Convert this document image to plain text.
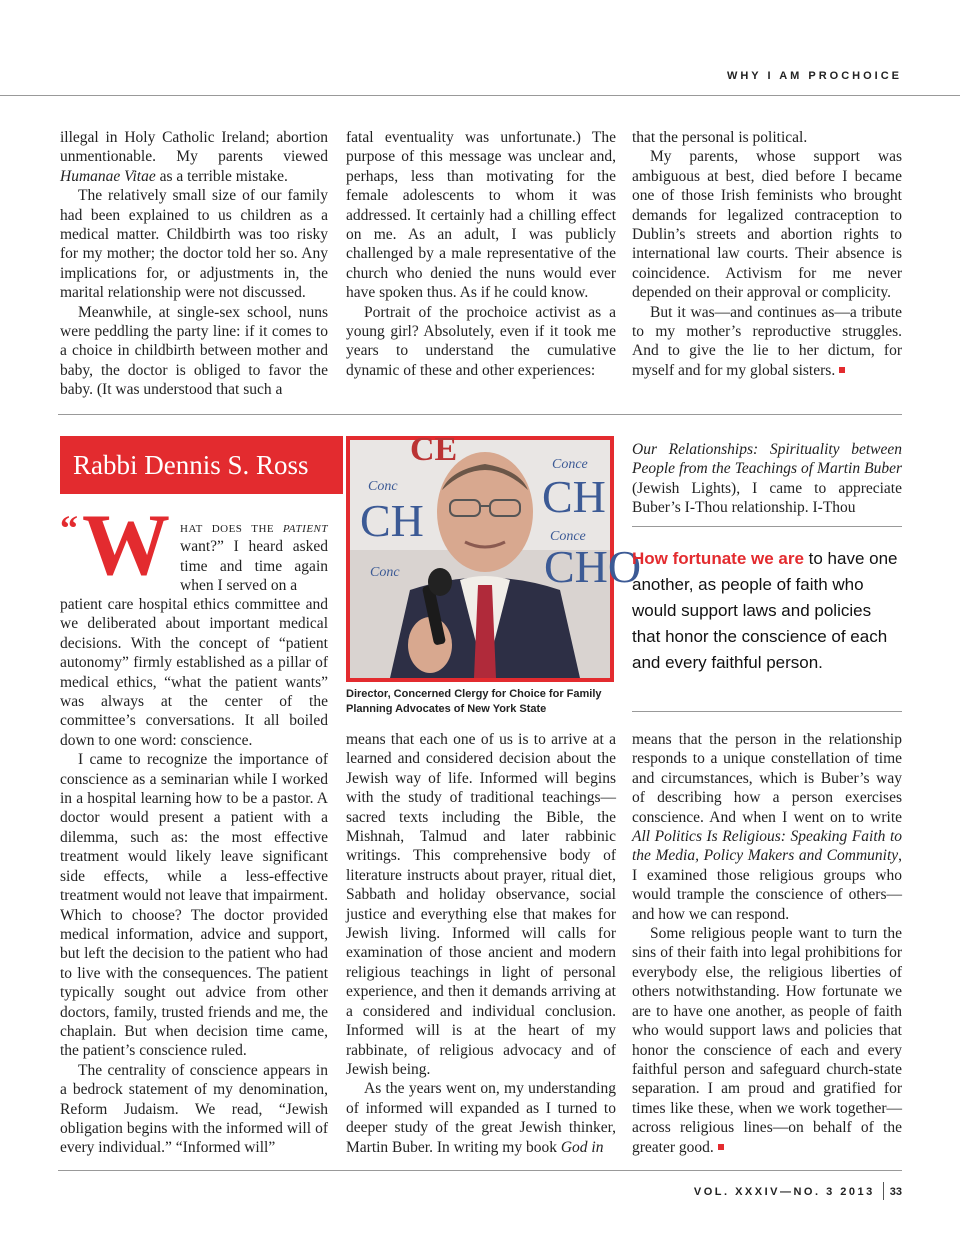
WHY I AM PROCHOICE

illegal in Holy Catholic Ireland; abortion unmentionable. My parents viewed Humanae Vitae as a terrible mistake.

The relatively small size of our family had been explained to us children as a medical matter. Childbirth was too risky for my mother; the doctor told her so. Any implications for, or adjustments in, the marital relationship were not discussed.

Meanwhile, at single-sex school, nuns were peddling the party line: if it comes to a choice in childbirth between mother and baby, the doctor is obliged to favor the baby. (It was understood that such a

fatal eventuality was unfortunate.) The purpose of this message was unclear and, perhaps, less than motivating for the female adolescents to whom it was addressed. It certainly had a chilling effect on me. As an adult, I was publicly challenged by a male representative of the church who denied the nuns would ever have spoken thus. As if he could know.

Portrait of the prochoice activist as a young girl? Absolutely, even if it took me years to understand the cumulative dynamic of these and other experiences:

that the personal is political.

My parents, whose support was ambiguous at best, died before I became one of those Irish feminists who brought demands for legalized contraception to Dublin’s streets and abortion rights to international law courts. Their absence is coincidence. Activism for me never depended on their approval or complicity.

But it was—and continues as—a tribute to my mother’s reproductive struggles. And to give the lie to her dictum, for myself and for my global sisters.

Rabbi Dennis S. Ross	CE
Conc
CH
Conce
CH
Conce
CHO
Conc
Director, Concerned Clergy for Choice for Family Planning Advocates of New York State
“ W hat does the patient want?” I heard asked time and time again when I served on a

patient care hospital ethics committee and we deliberated about important medical decisions. With the concept of “patient autonomy” firmly established as a pillar of medical ethics, “what the patient wants” was always at the center of the committee’s conversations. It all boiled down to one word: conscience.

I came to recognize the importance of conscience as a seminarian while I worked in a hospital learning how to be a pastor. A doctor would present a patient with a dilemma, such as: the most effective treatment would likely leave significant side effects, while a less-effective treatment would not leave that impairment. Which to choose? The doctor provided medical information, advice and support, but left the decision to the patient who had to live with the consequences. The patient typically sought out advice from other doctors, family, trusted friends and me, the chaplain. But when decision time came, the patient’s conscience ruled.

The centrality of conscience appears in a bedrock statement of my denomination, Reform Judaism. We read, “Jewish obligation begins with the informed will of every individual.” “Informed will”

means that each one of us is to arrive at a learned and considered decision about the Jewish way of life. Informed will begins with the study of traditional teachings—sacred texts including the Bible, the Mishnah, Talmud and later rabbinic writings. This comprehensive body of literature instructs about prayer, ritual diet, Sabbath and holiday observance, social justice and everything else that makes for Jewish living. Informed will calls for examination of those ancient and modern religious teachings in light of personal experience, and then it demands arriving at a considered and individual conclusion. Informed will is at the heart of my rabbinate, of religious advocacy and of Jewish being.

As the years went on, my understanding of informed will expanded as I turned to deeper study of the great Jewish thinker, Martin Buber. In writing my book God in

Our Relationships: Spirituality between People from the Teachings of Martin Buber (Jewish Lights), I came to appreciate Buber’s I-Thou relationship. I-Thou

How fortunate we are to have one another, as people of faith who would support laws and policies that honor the conscience of each and every faithful person.

means that the person in the relationship responds to a unique constellation of time and circumstances, which is Buber’s way of describing how a person exercises conscience. And when I went on to write All Politics Is Religious: Speaking Faith to the Media, Policy Makers and Community, I examined those religious groups who would trample the conscience of others—and how we can respond.

Some religious people want to turn the sins of their faith into legal prohibitions for everybody else, the religious liberties of others notwithstanding. How fortunate we are to have one another, as people of faith who would support laws and policies that honor the conscience of each and every faithful person and safeguard church-state separation. I am proud and gratified for times like these, when we work together—across religious lines—on behalf of the greater good.

VOL. XXXIV—NO. 3 2013 33
